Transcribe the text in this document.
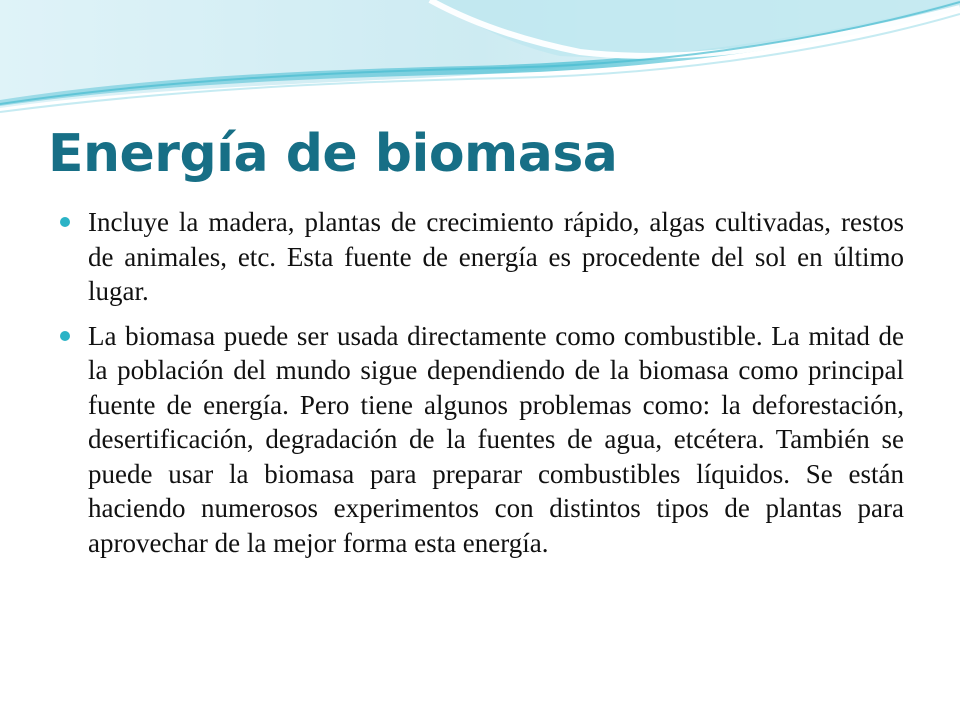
Energía de biomasa
Incluye la madera, plantas de crecimiento rápido, algas cultivadas, restos de animales, etc. Esta fuente de energía es procedente del sol en último lugar.
La biomasa puede ser usada directamente como combustible. La mitad de la población del mundo sigue dependiendo de la biomasa como principal fuente de energía. Pero tiene algunos problemas como: la deforestación, desertificación, degradación de la fuentes de agua, etcétera. También se puede usar la biomasa para preparar combustibles líquidos. Se están haciendo numerosos experimentos con distintos tipos de plantas para aprovechar de la mejor forma esta energía.
